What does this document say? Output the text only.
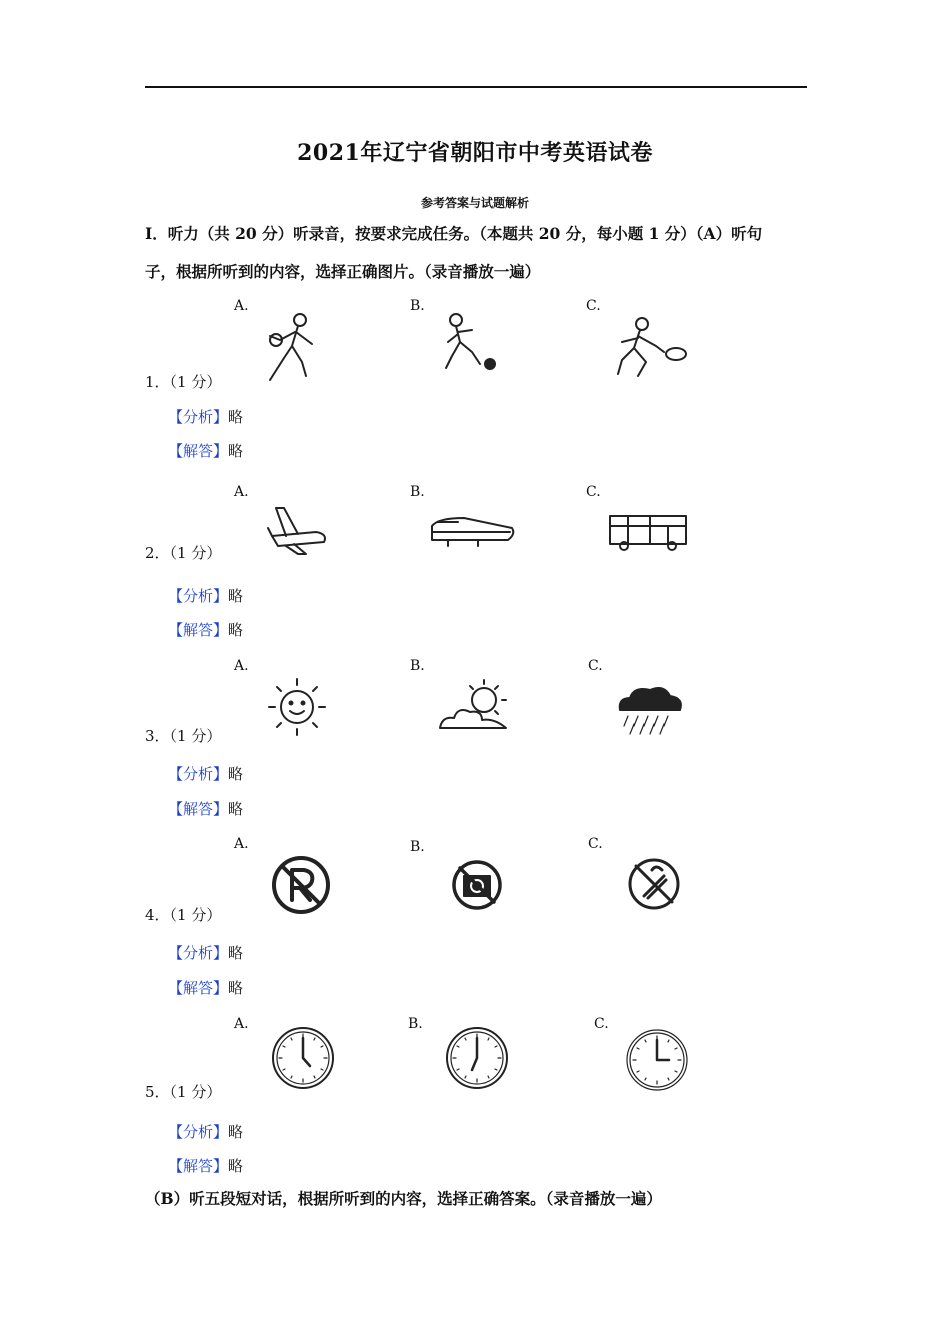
2021年辽宁省朝阳市中考英语试卷
参考答案与试题解析
Ⅰ．听力（共 20 分）听录音，按要求完成任务。（本题共 20 分，每小题 1 分）（A）听句
子，根据所听到的内容，选择正确图片。（录音播放一遍）
A.	B.	C.
1．（1 分）
【分析】略
【解答】略
A.	B.	C.
2．（1 分）
【分析】略
【解答】略
A.	B.	C.
3．（1 分）
【分析】略
【解答】略
A.	B.	C.
4．（1 分）
【分析】略
【解答】略
A.	B.	C.
5．（1 分）
【分析】略
【解答】略
（B）听五段短对话，根据所听到的内容，选择正确答案。（录音播放一遍）
